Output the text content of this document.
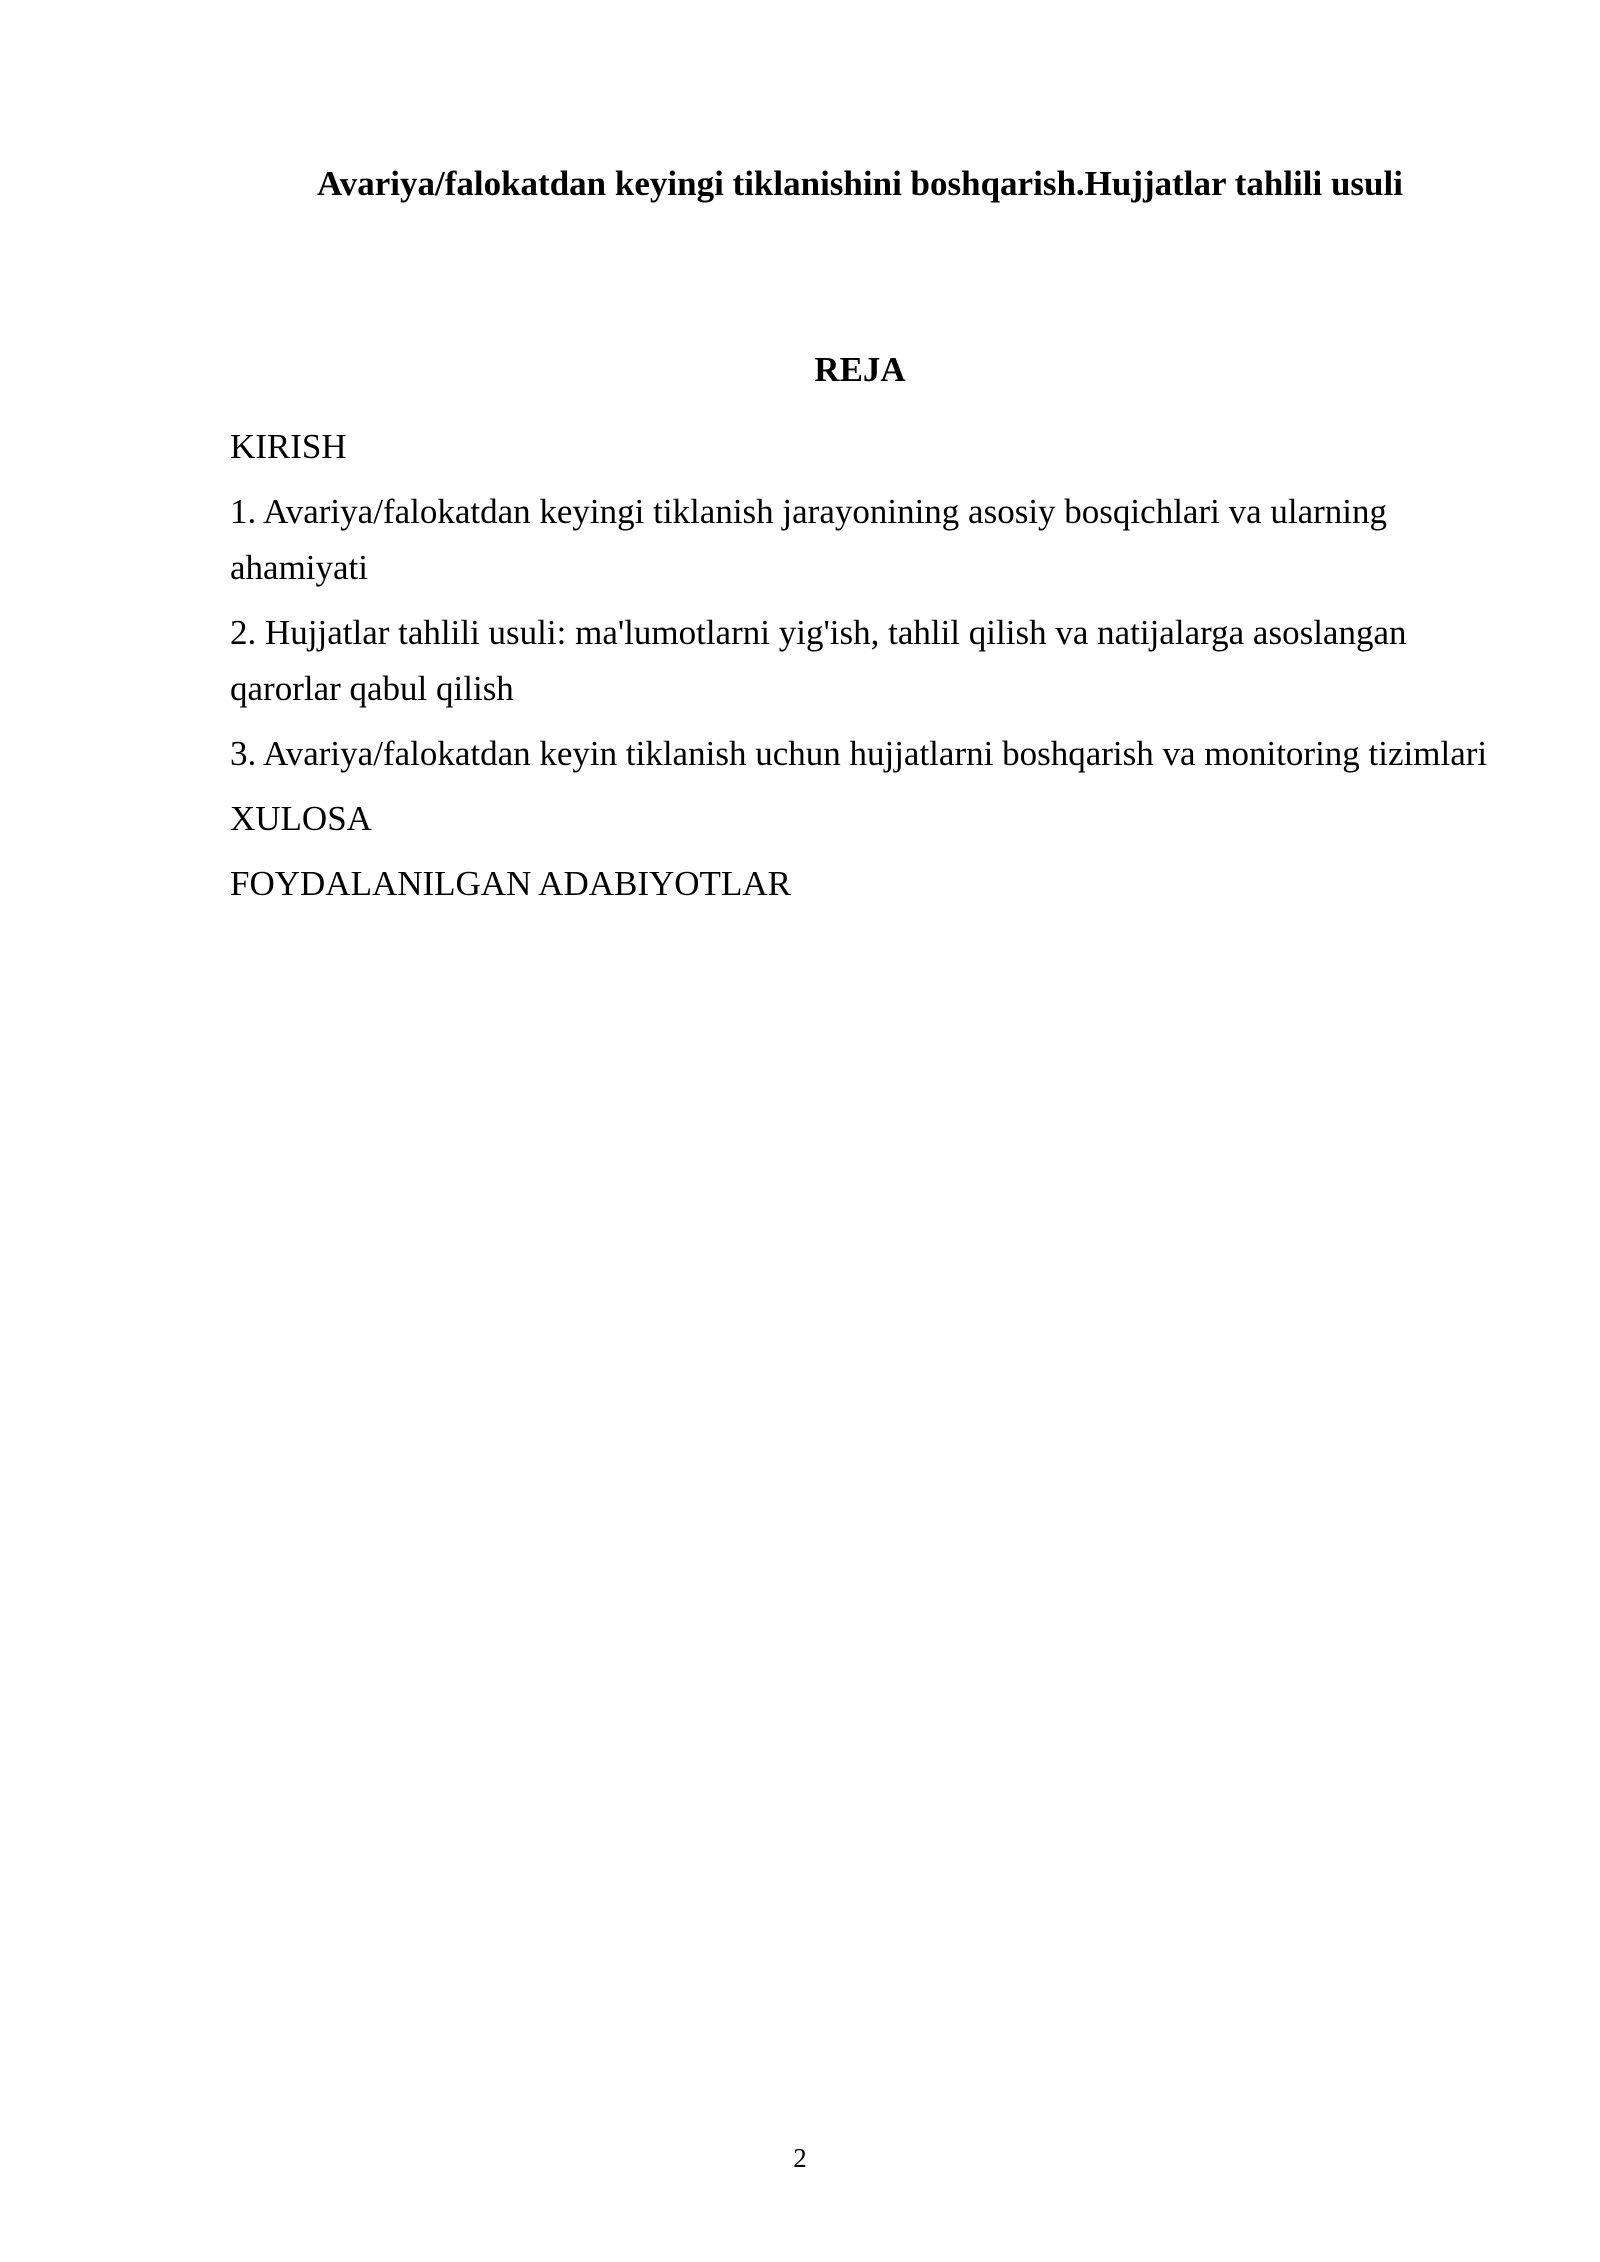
Avariya/falokatdan keyingi tiklanishini boshqarish.Hujjatlar tahlili usuli
REJA
KIRISH
1. Avariya/falokatdan keyingi tiklanish jarayonining asosiy bosqichlari va ularning ahamiyati
2. Hujjatlar tahlili usuli: ma'lumotlarni yig'ish, tahlil qilish va natijalarga asoslangan qarorlar qabul qilish
3. Avariya/falokatdan keyin tiklanish uchun hujjatlarni boshqarish va monitoring tizimlari
XULOSA
FOYDALANILGAN ADABIYOTLAR

2
